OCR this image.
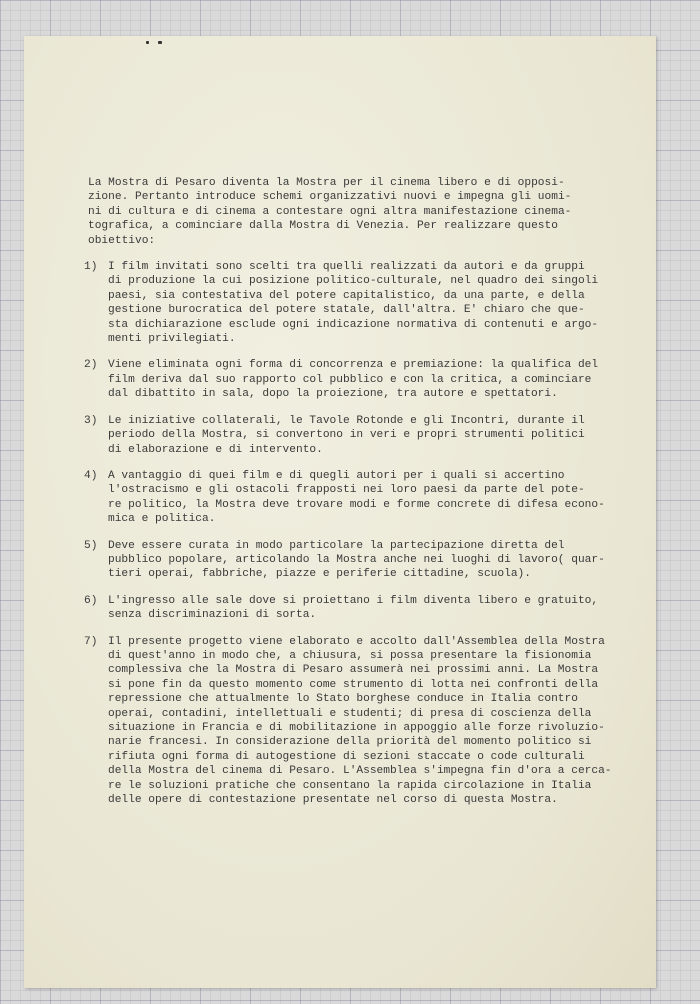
La Mostra di Pesaro diventa la Mostra per il cinema libero e di opposi-

zione. Pertanto introduce schemi organizzativi nuovi e impegna gli uomi-

ni di cultura e di cinema a contestare ogni altra manifestazione cinema-

tografica, a cominciare dalla Mostra di Venezia. Per realizzare questo

obiettivo:

1) I film invitati sono scelti tra quelli realizzati da autori e da gruppi

di produzione la cui posizione politico-culturale, nel quadro dei singoli

paesi, sia contestativa del potere capitalistico, da una parte, e della

gestione burocratica del potere statale, dall'altra. E' chiaro che que-

sta dichiarazione esclude ogni indicazione normativa di contenuti e argo-

menti privilegiati.

2) Viene eliminata ogni forma di concorrenza e premiazione: la qualifica del

film deriva dal suo rapporto col pubblico e con la critica, a cominciare

dal dibattito in sala, dopo la proiezione, tra autore e spettatori.

3) Le iniziative collaterali, le Tavole Rotonde e gli Incontri, durante il

periodo della Mostra, si convertono in veri e propri strumenti politici

di elaborazione e di intervento.

4) A vantaggio di quei film e di quegli autori per i quali si accertino

l'ostracismo e gli ostacoli frapposti nei loro paesi da parte del pote-

re politico, la Mostra deve trovare modi e forme concrete di difesa econo-

mica e politica.

5) Deve essere curata in modo particolare la partecipazione diretta del

pubblico popolare, articolando la Mostra anche nei luoghi di lavoro( quar-

tieri operai, fabbriche, piazze e periferie cittadine, scuola).

6) L'ingresso alle sale dove si proiettano i film diventa libero e gratuito,

senza discriminazioni di sorta.

7) Il presente progetto viene elaborato e accolto dall'Assemblea della Mostra

di quest'anno in modo che, a chiusura, si possa presentare la fisionomia

complessiva che la Mostra di Pesaro assumerà nei prossimi anni. La Mostra

si pone fin da questo momento come strumento di lotta nei confronti della

repressione che attualmente lo Stato borghese conduce in Italia contro

operai, contadini, intellettuali e studenti; di presa di coscienza della

situazione in Francia e di mobilitazione in appoggio alle forze rivoluzio-

narie francesi. In considerazione della priorità del momento politico si

rifiuta ogni forma di autogestione di sezioni staccate o code culturali

della Mostra del cinema di Pesaro. L'Assemblea s'impegna fin d'ora a cerca-

re le soluzioni pratiche che consentano la rapida circolazione in Italia

delle opere di contestazione presentate nel corso di questa Mostra.
